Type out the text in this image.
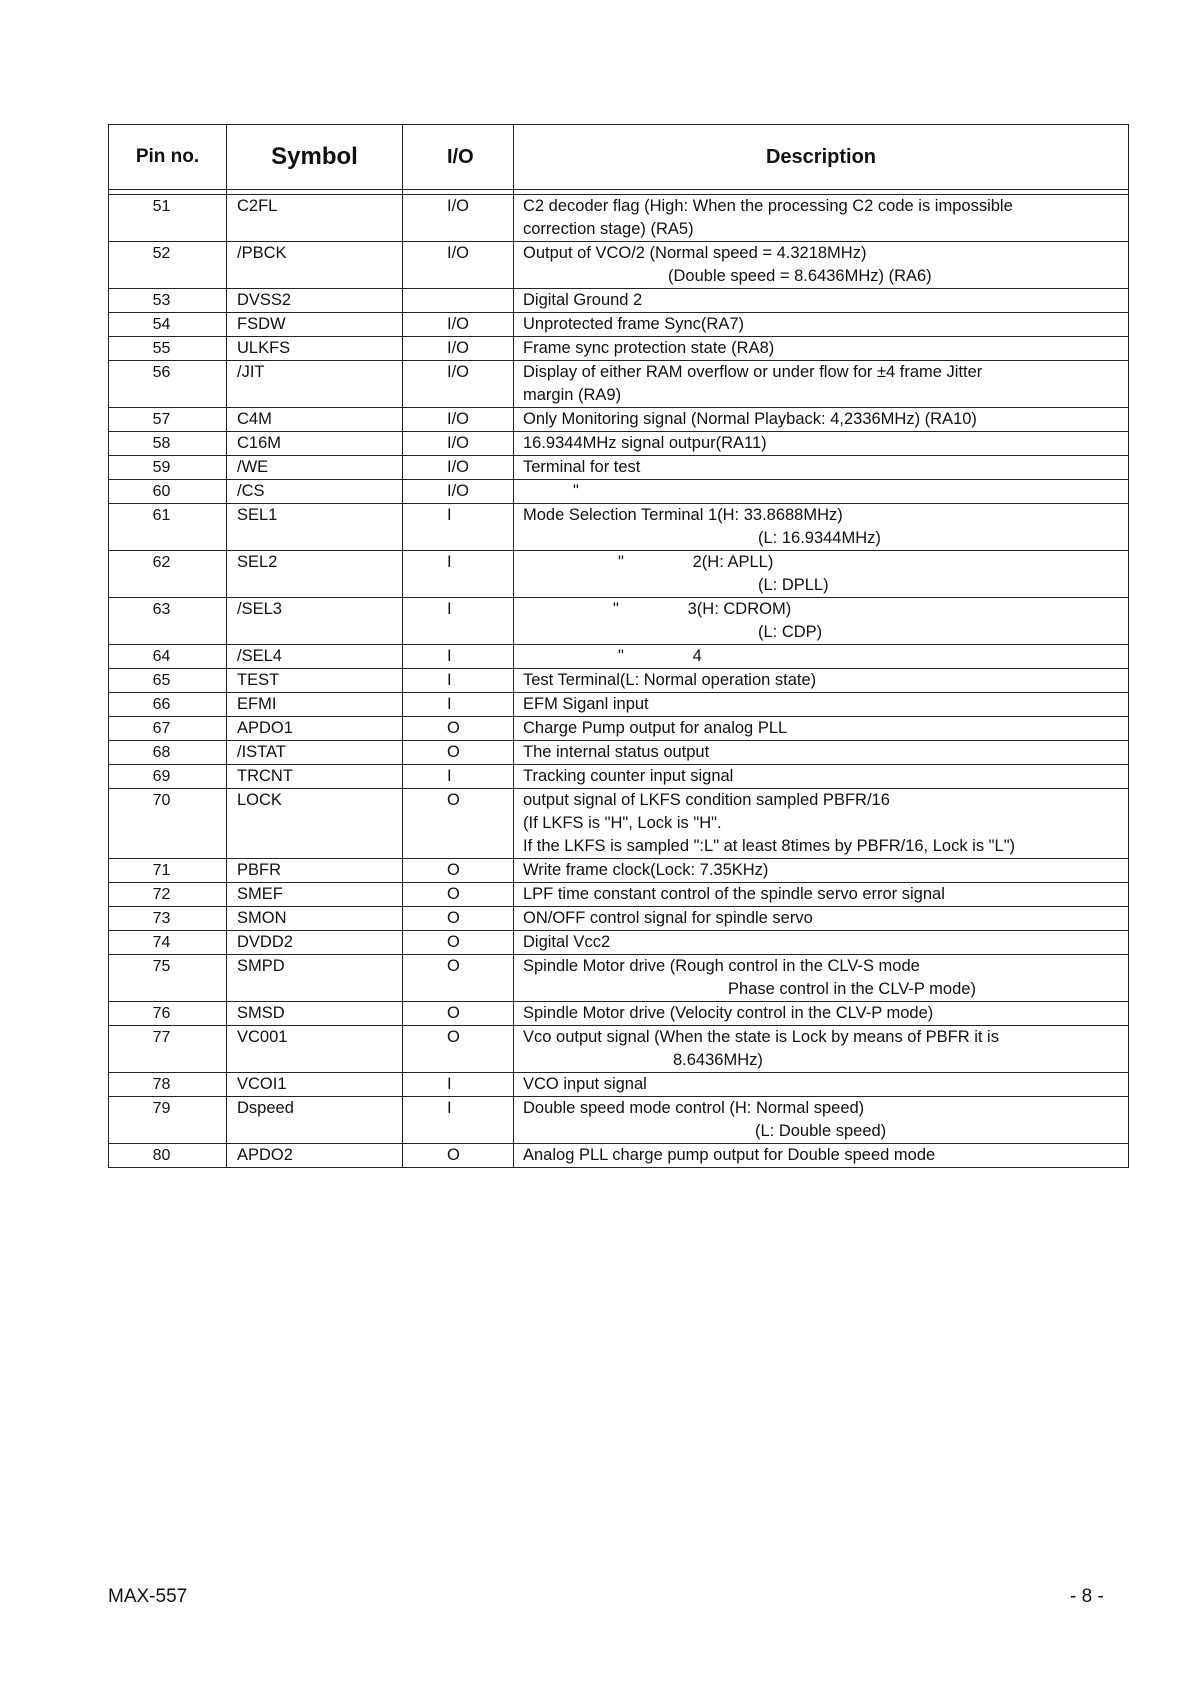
Pin no.	Symbol	I/O	Description

51	C2FL	I/O	C2 decoder flag (High: When the processing C2 code is impossible
correction stage) (RA5)

52	/PBCK	I/O	Output of VCO/2 (Normal speed = 4.3218MHz)
(Double speed = 8.6436MHz) (RA6)

53	DVSS2		Digital Ground 2

54	FSDW	I/O	Unprotected frame Sync(RA7)

55	ULKFS	I/O	Frame sync protection state (RA8)

56	/JIT	I/O	Display of either RAM overflow or under flow for ±4 frame Jitter
margin (RA9)

57	C4M	I/O	Only Monitoring signal (Normal Playback: 4,2336MHz) (RA10)

58	C16M	I/O	16.9344MHz signal outpur(RA11)

59	/WE	I/O	Terminal for test

60	/CS	I/O	"

61	SEL1	I	Mode Selection Terminal 1(H: 33.8688MHz)
(L: 16.9344MHz)

62	SEL2	I	"               2(H: APLL)
(L: DPLL)

63	/SEL3	I	"               3(H: CDROM)
(L: CDP)

64	/SEL4	I	"               4

65	TEST	I	Test Terminal(L: Normal operation state)

66	EFMI	I	EFM Siganl input

67	APDO1	O	Charge Pump output for analog PLL

68	/ISTAT	O	The internal status output

69	TRCNT	I	Tracking counter input signal

70	LOCK	O	output signal of LKFS condition sampled PBFR/16
(If LKFS is "H", Lock is "H".
If the LKFS is sampled ":L" at least 8times by PBFR/16, Lock is "L")

71	PBFR	O	Write frame clock(Lock: 7.35KHz)

72	SMEF	O	LPF time constant control of the spindle servo error signal

73	SMON	O	ON/OFF control signal for spindle servo

74	DVDD2	O	Digital Vcc2

75	SMPD	O	Spindle Motor drive (Rough control in the CLV-S mode
Phase control in the CLV-P mode)

76	SMSD	O	Spindle Motor drive (Velocity control in the CLV-P mode)

77	VC001	O	Vco output signal (When the state is Lock by means of PBFR it is
8.6436MHz)

78	VCOI1	I	VCO input signal

79	Dspeed	I	Double speed mode control (H: Normal speed)
(L: Double speed)

80	APDO2	O	Analog PLL charge pump output for Double speed mode
MAX-557	- 8 -
